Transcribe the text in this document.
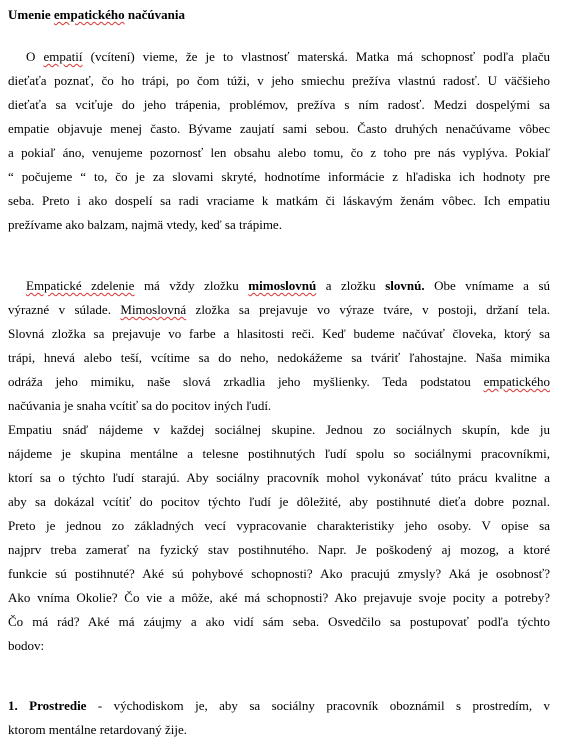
Umenie empatického načúvania
O empatií (vcítení) vieme, že je to vlastnosť materská. Matka má schopnosť podľa plaču
dieťaťa poznať, čo ho trápi, po čom túži, v jeho smiechu prežíva vlastnú radosť. U väčšieho
dieťaťa sa vciťuje do jeho trápenia, problémov, prežíva s ním radosť. Medzi dospelými sa
empatie objavuje menej často. Bývame zaujatí sami sebou. Často druhých nenačúvame vôbec
a pokiaľ áno, venujeme pozornosť len obsahu alebo tomu, čo z toho pre nás vyplýva. Pokiaľ
“ počujeme “ to, čo je za slovami skryté, hodnotíme informácie z hľadiska ich hodnoty pre
seba. Preto i ako dospelí sa radi vraciame k matkám či láskavým ženám vôbec. Ich empatiu
prežívame ako balzam, najmä vtedy, keď sa trápime.
Empatické zdelenie má vždy zložku mimoslovnú a zložku slovnú. Obe vnímame a sú
výrazné v súlade. Mimoslovná zložka sa prejavuje vo výraze tváre, v postoji, držaní tela.
Slovná zložka sa prejavuje vo farbe a hlasitosti reči. Keď budeme načúvať človeka, ktorý sa
trápi, hnevá alebo teší, vcítime sa do neho, nedokážeme sa tváriť ľahostajne. Naša mimika
odráža jeho mimiku, naše slová zrkadlia jeho myšlienky. Teda podstatou empatického
načúvania je snaha vcítiť sa do pocitov iných ľudí.
Empatiu snáď nájdeme v každej sociálnej skupine. Jednou zo sociálnych skupín, kde ju
nájdeme je skupina mentálne a telesne postihnutých ľudí spolu so sociálnymi pracovníkmi,
ktorí sa o týchto ľudí starajú. Aby sociálny pracovník mohol vykonávať túto prácu kvalitne a
aby sa dokázal vcítiť do pocitov týchto ľudí je dôležité, aby postihnuté dieťa dobre poznal.
Preto je jednou zo základných vecí vypracovanie charakteristiky jeho osoby. V opise sa
najprv treba zamerať na fyzický stav postihnutého. Napr. Je poškodený aj mozog, a ktoré
funkcie sú postihnuté? Aké sú pohybové schopnosti? Ako pracujú zmysly? Aká je osobnosť?
Ako vníma Okolie? Čo vie a môže, aké má schopnosti? Ako prejavuje svoje pocity a potreby?
Čo má rád? Aké má záujmy a ako vidí sám seba. Osvedčilo sa postupovať podľa týchto
bodov:
1. Prostredie - východiskom je, aby sa sociálny pracovník oboznámil s prostredím, v
ktorom mentálne retardovaný žije.
